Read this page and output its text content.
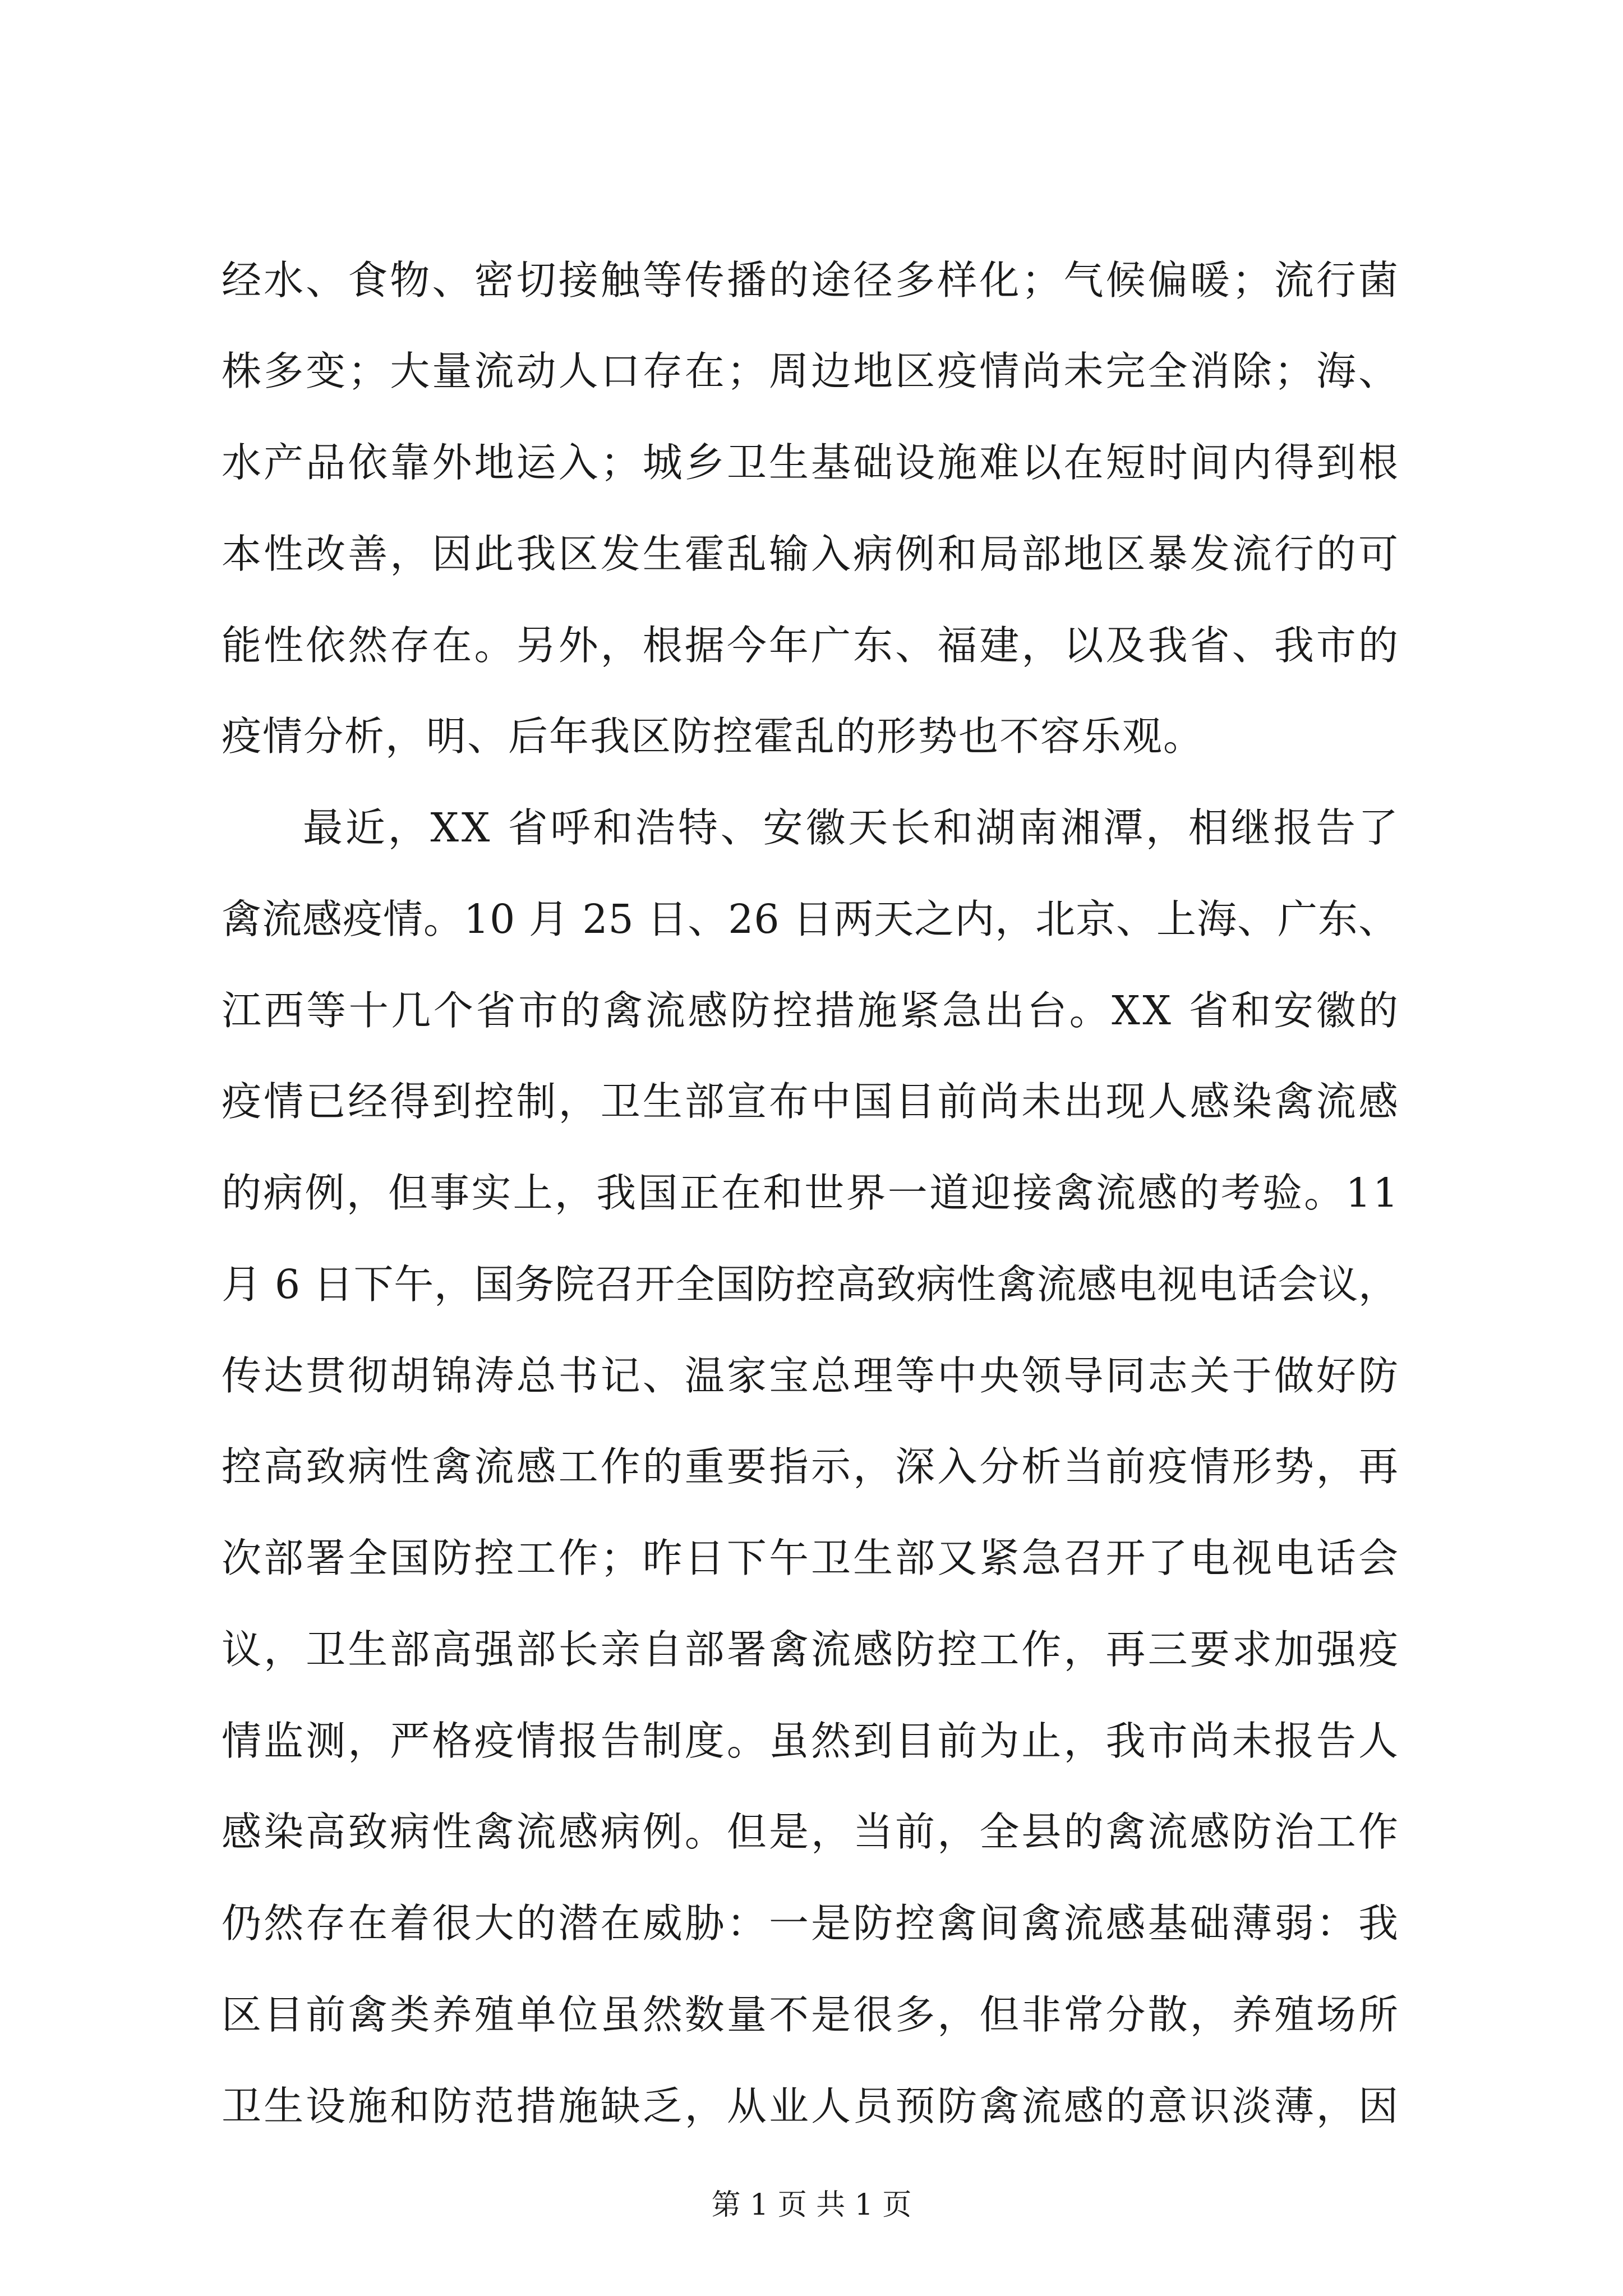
经水、食物、密切接触等传播的途径多样化；气候偏暖；流行菌
株多变；大量流动人口存在；周边地区疫情尚未完全消除；海、
水产品依靠外地运入；城乡卫生基础设施难以在短时间内得到根
本性改善，因此我区发生霍乱输入病例和局部地区暴发流行的可
能性依然存在。另外，根据今年广东、福建，以及我省、我市的
疫情分析，明、后年我区防控霍乱的形势也不容乐观。
最近，XX 省呼和浩特、安徽天长和湖南湘潭，相继报告了
禽流感疫情。10 月 25 日、26 日两天之内，北京、上海、广东、
江西等十几个省市的禽流感防控措施紧急出台。XX 省和安徽的
疫情已经得到控制，卫生部宣布中国目前尚未出现人感染禽流感
的病例，但事实上，我国正在和世界一道迎接禽流感的考验。11
月 6 日下午，国务院召开全国防控高致病性禽流感电视电话会议，
传达贯彻胡锦涛总书记、温家宝总理等中央领导同志关于做好防
控高致病性禽流感工作的重要指示，深入分析当前疫情形势，再
次部署全国防控工作；昨日下午卫生部又紧急召开了电视电话会
议，卫生部高强部长亲自部署禽流感防控工作，再三要求加强疫
情监测，严格疫情报告制度。虽然到目前为止，我市尚未报告人
感染高致病性禽流感病例。但是，当前，全县的禽流感防治工作
仍然存在着很大的潜在威胁：一是防控禽间禽流感基础薄弱：我
区目前禽类养殖单位虽然数量不是很多，但非常分散，养殖场所
卫生设施和防范措施缺乏，从业人员预防禽流感的意识淡薄，因
第 1 页 共 1 页
